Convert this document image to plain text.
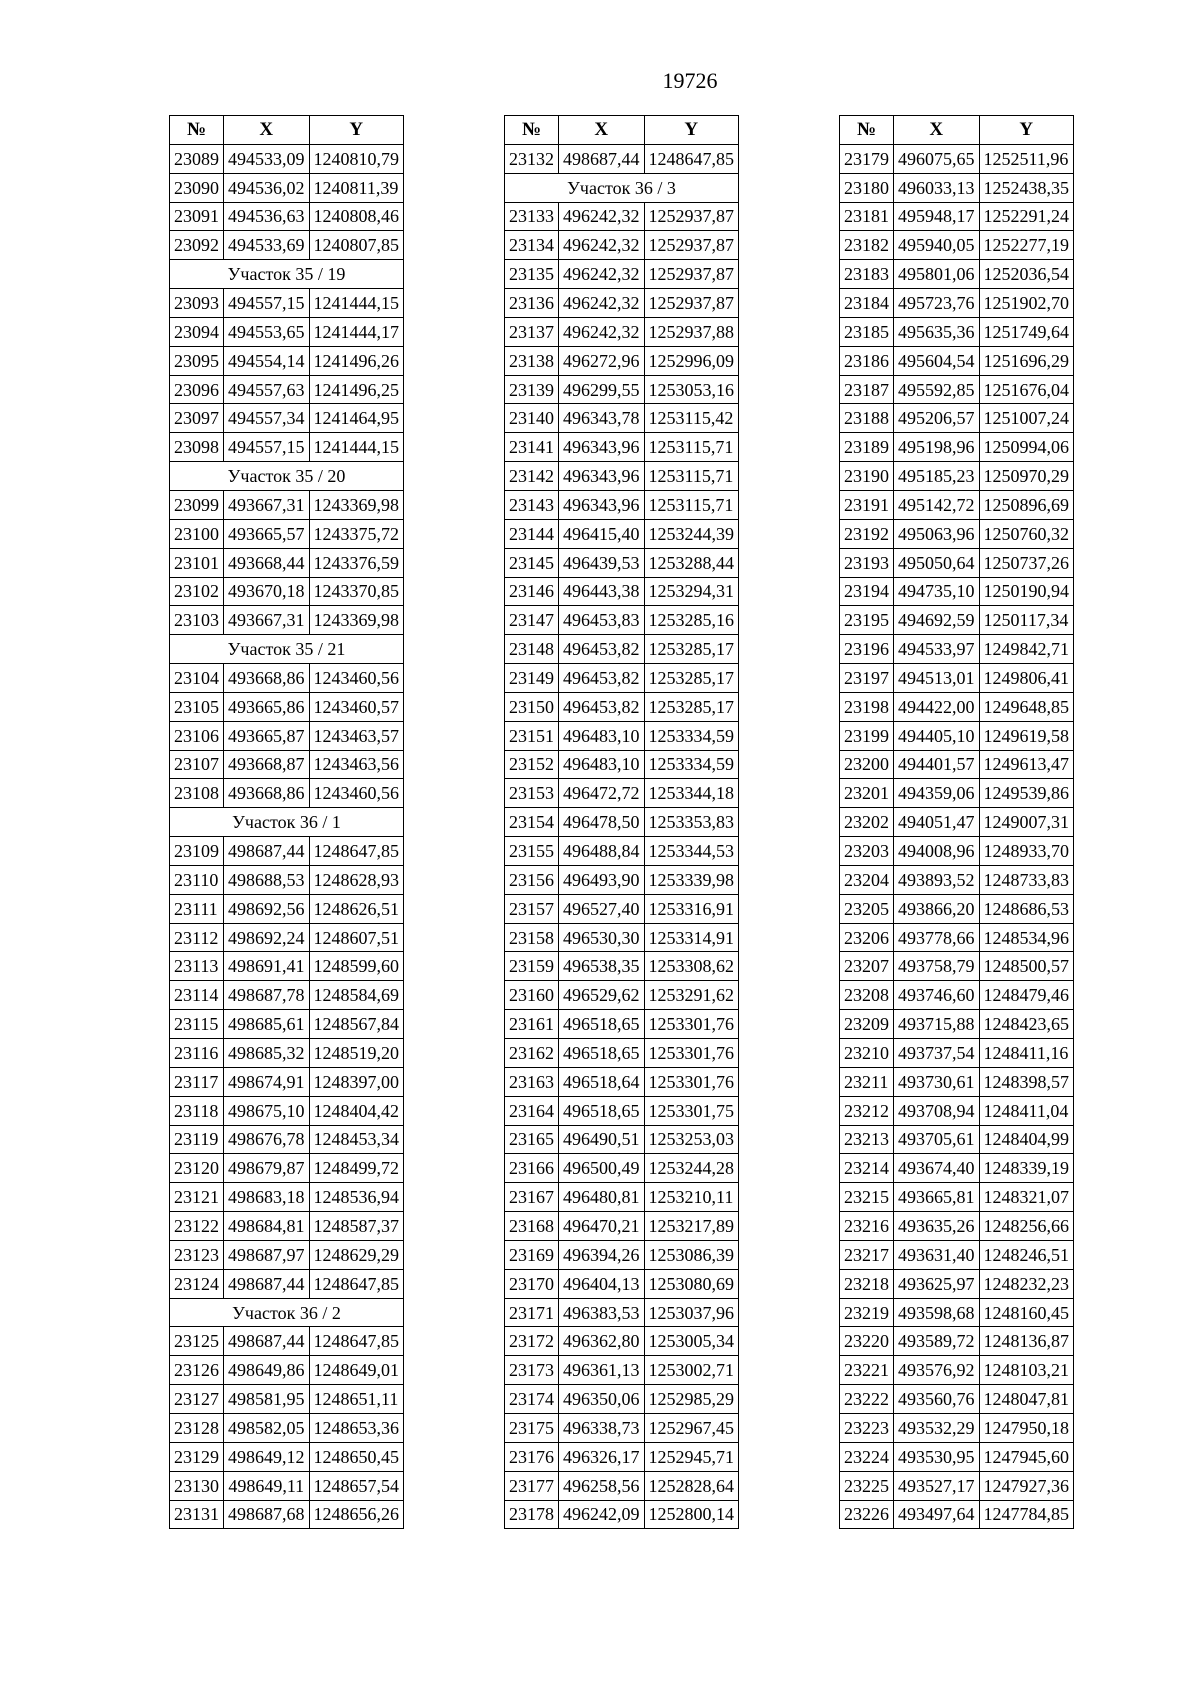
19726
№	X	Y
23089	494533,09	1240810,79
23090	494536,02	1240811,39
23091	494536,63	1240808,46
23092	494533,69	1240807,85
Участок 35 / 19		
23093	494557,15	1241444,15
23094	494553,65	1241444,17
23095	494554,14	1241496,26
23096	494557,63	1241496,25
23097	494557,34	1241464,95
23098	494557,15	1241444,15
Участок 35 / 20		
23099	493667,31	1243369,98
23100	493665,57	1243375,72
23101	493668,44	1243376,59
23102	493670,18	1243370,85
23103	493667,31	1243369,98
Участок 35 / 21		
23104	493668,86	1243460,56
23105	493665,86	1243460,57
23106	493665,87	1243463,57
23107	493668,87	1243463,56
23108	493668,86	1243460,56
Участок 36 / 1		
23109	498687,44	1248647,85
23110	498688,53	1248628,93
23111	498692,56	1248626,51
23112	498692,24	1248607,51
23113	498691,41	1248599,60
23114	498687,78	1248584,69
23115	498685,61	1248567,84
23116	498685,32	1248519,20
23117	498674,91	1248397,00
23118	498675,10	1248404,42
23119	498676,78	1248453,34
23120	498679,87	1248499,72
23121	498683,18	1248536,94
23122	498684,81	1248587,37
23123	498687,97	1248629,29
23124	498687,44	1248647,85
Участок 36 / 2		
23125	498687,44	1248647,85
23126	498649,86	1248649,01
23127	498581,95	1248651,11
23128	498582,05	1248653,36
23129	498649,12	1248650,45
23130	498649,11	1248657,54
23131	498687,68	1248656,26
№	X	Y
23132	498687,44	1248647,85
Участок 36 / 3		
23133	496242,32	1252937,87
23134	496242,32	1252937,87
23135	496242,32	1252937,87
23136	496242,32	1252937,87
23137	496242,32	1252937,88
23138	496272,96	1252996,09
23139	496299,55	1253053,16
23140	496343,78	1253115,42
23141	496343,96	1253115,71
23142	496343,96	1253115,71
23143	496343,96	1253115,71
23144	496415,40	1253244,39
23145	496439,53	1253288,44
23146	496443,38	1253294,31
23147	496453,83	1253285,16
23148	496453,82	1253285,17
23149	496453,82	1253285,17
23150	496453,82	1253285,17
23151	496483,10	1253334,59
23152	496483,10	1253334,59
23153	496472,72	1253344,18
23154	496478,50	1253353,83
23155	496488,84	1253344,53
23156	496493,90	1253339,98
23157	496527,40	1253316,91
23158	496530,30	1253314,91
23159	496538,35	1253308,62
23160	496529,62	1253291,62
23161	496518,65	1253301,76
23162	496518,65	1253301,76
23163	496518,64	1253301,76
23164	496518,65	1253301,75
23165	496490,51	1253253,03
23166	496500,49	1253244,28
23167	496480,81	1253210,11
23168	496470,21	1253217,89
23169	496394,26	1253086,39
23170	496404,13	1253080,69
23171	496383,53	1253037,96
23172	496362,80	1253005,34
23173	496361,13	1253002,71
23174	496350,06	1252985,29
23175	496338,73	1252967,45
23176	496326,17	1252945,71
23177	496258,56	1252828,64
23178	496242,09	1252800,14
№	X	Y
23179	496075,65	1252511,96
23180	496033,13	1252438,35
23181	495948,17	1252291,24
23182	495940,05	1252277,19
23183	495801,06	1252036,54
23184	495723,76	1251902,70
23185	495635,36	1251749,64
23186	495604,54	1251696,29
23187	495592,85	1251676,04
23188	495206,57	1251007,24
23189	495198,96	1250994,06
23190	495185,23	1250970,29
23191	495142,72	1250896,69
23192	495063,96	1250760,32
23193	495050,64	1250737,26
23194	494735,10	1250190,94
23195	494692,59	1250117,34
23196	494533,97	1249842,71
23197	494513,01	1249806,41
23198	494422,00	1249648,85
23199	494405,10	1249619,58
23200	494401,57	1249613,47
23201	494359,06	1249539,86
23202	494051,47	1249007,31
23203	494008,96	1248933,70
23204	493893,52	1248733,83
23205	493866,20	1248686,53
23206	493778,66	1248534,96
23207	493758,79	1248500,57
23208	493746,60	1248479,46
23209	493715,88	1248423,65
23210	493737,54	1248411,16
23211	493730,61	1248398,57
23212	493708,94	1248411,04
23213	493705,61	1248404,99
23214	493674,40	1248339,19
23215	493665,81	1248321,07
23216	493635,26	1248256,66
23217	493631,40	1248246,51
23218	493625,97	1248232,23
23219	493598,68	1248160,45
23220	493589,72	1248136,87
23221	493576,92	1248103,21
23222	493560,76	1248047,81
23223	493532,29	1247950,18
23224	493530,95	1247945,60
23225	493527,17	1247927,36
23226	493497,64	1247784,85
